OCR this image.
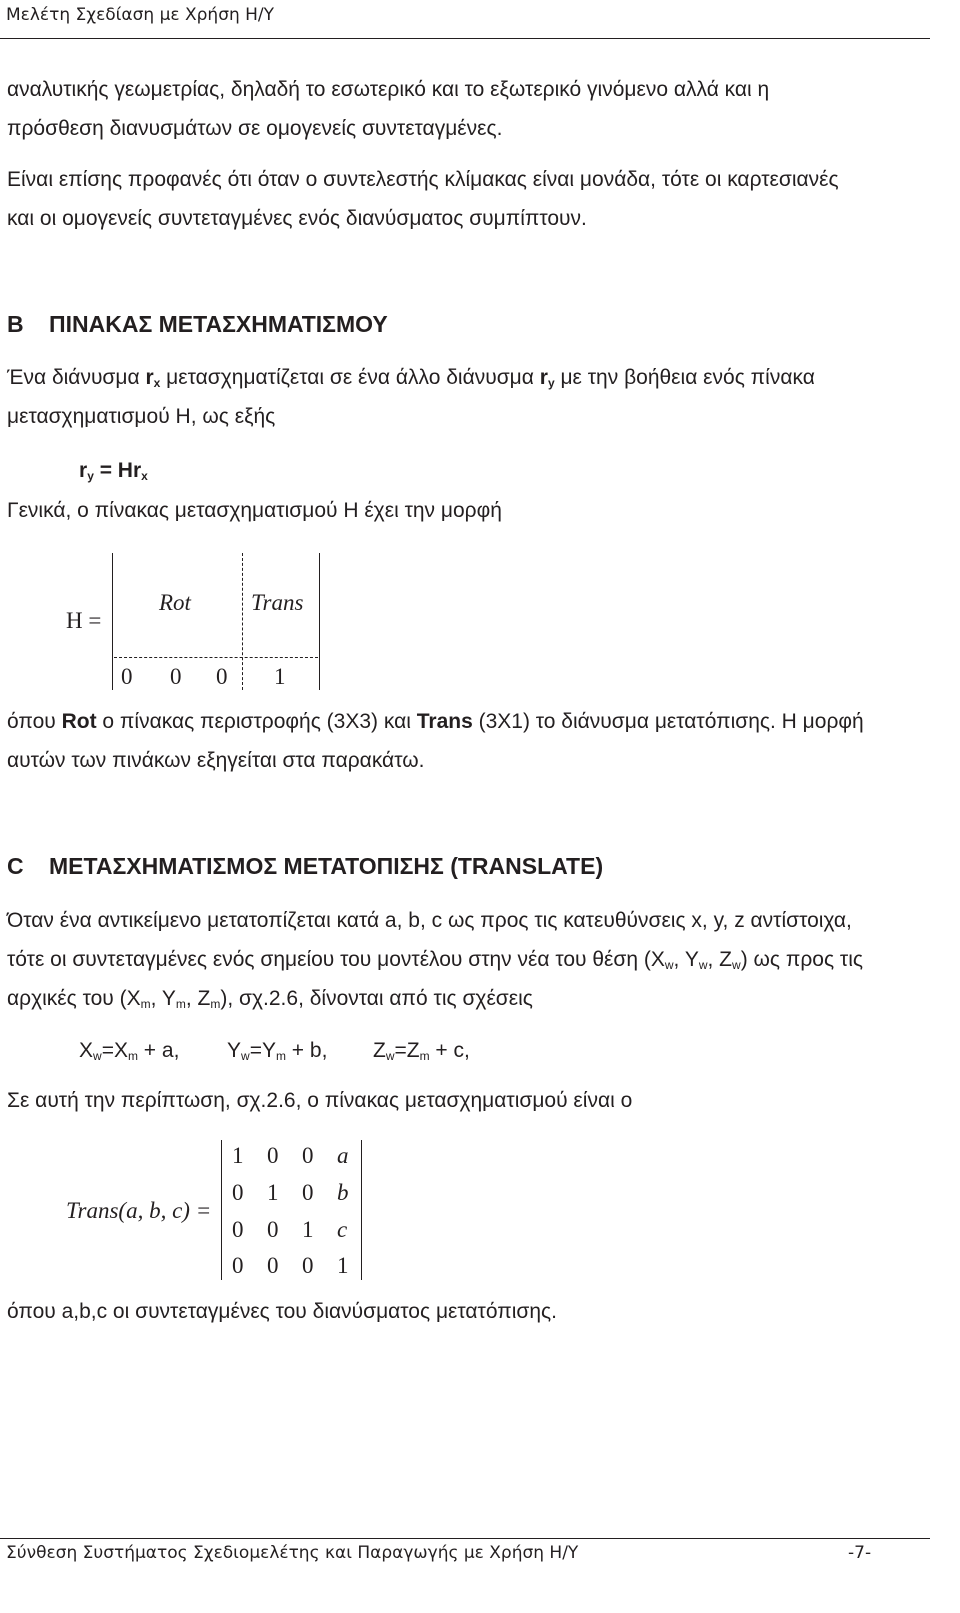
Μελέτη Σχεδίαση με Χρήση Η/Υ
αναλυτικής γεωμετρίας, δηλαδή το εσωτερικό και το εξωτερικό γινόμενο αλλά και η
πρόσθεση διανυσμάτων σε ομογενείς συντεταγμένες.
Είναι επίσης προφανές ότι όταν ο συντελεστής κλίμακας είναι μονάδα, τότε οι καρτεσιανές
και οι ομογενείς συντεταγμένες ενός διανύσματος συμπίπτουν.
B ΠΙΝΑΚΑΣ ΜΕΤΑΣΧΗΜΑΤΙΣΜΟΥ
Ένα διάνυσμα $r_x$ μετασχηματίζεται σε ένα άλλο διάνυσμα $r_y$ με την βοήθεια ενός πίνακα
μετασχηματισμού Η, ως εξής
$r_y = Hr_x$
Γενικά, ο πίνακας μετασχηματισμού Η έχει την μορφή
H =
Rot	Trans
0 0 0 1
όπου Rot ο πίνακας περιστροφής (3Χ3) και Trans (3Χ1) το διάνυσμα μετατόπισης. Η μορφή
αυτών των πινάκων εξηγείται στα παρακάτω.
C ΜΕΤΑΣΧΗΜΑΤΙΣΜΟΣ ΜΕΤΑΤΟΠΙΣΗΣ (TRANSLATE)
Όταν ένα αντικείμενο μετατοπίζεται κατά a, b, c ως προς τις κατευθύνσεις x, y, z αντίστοιχα,
τότε οι συντεταγμένες ενός σημείου του μοντέλου στην νέα του θέση ($X_w$, $Y_w$, $Z_w$) ως προς τις
αρχικές του ($X_m$, $Y_m$, $Z_m$), σχ.2.6, δίνονται από τις σχέσεις
$X_w=X_m + a$, $Y_w=Y_m + b$, $Z_w=Z_m + c$,
Σε αυτή την περίπτωση, σχ.2.6, ο πίνακας μετασχηματισμού είναι ο
Trans(a, b, c) =
1 0 0 a
0 1 0 b
0 0 1 c
0 0 0 1
όπου a,b,c οι συντεταγμένες του διανύσματος μετατόπισης.
Σύνθεση Συστήματος Σχεδιομελέτης και Παραγωγής με Χρήση Η/Υ	-7-
